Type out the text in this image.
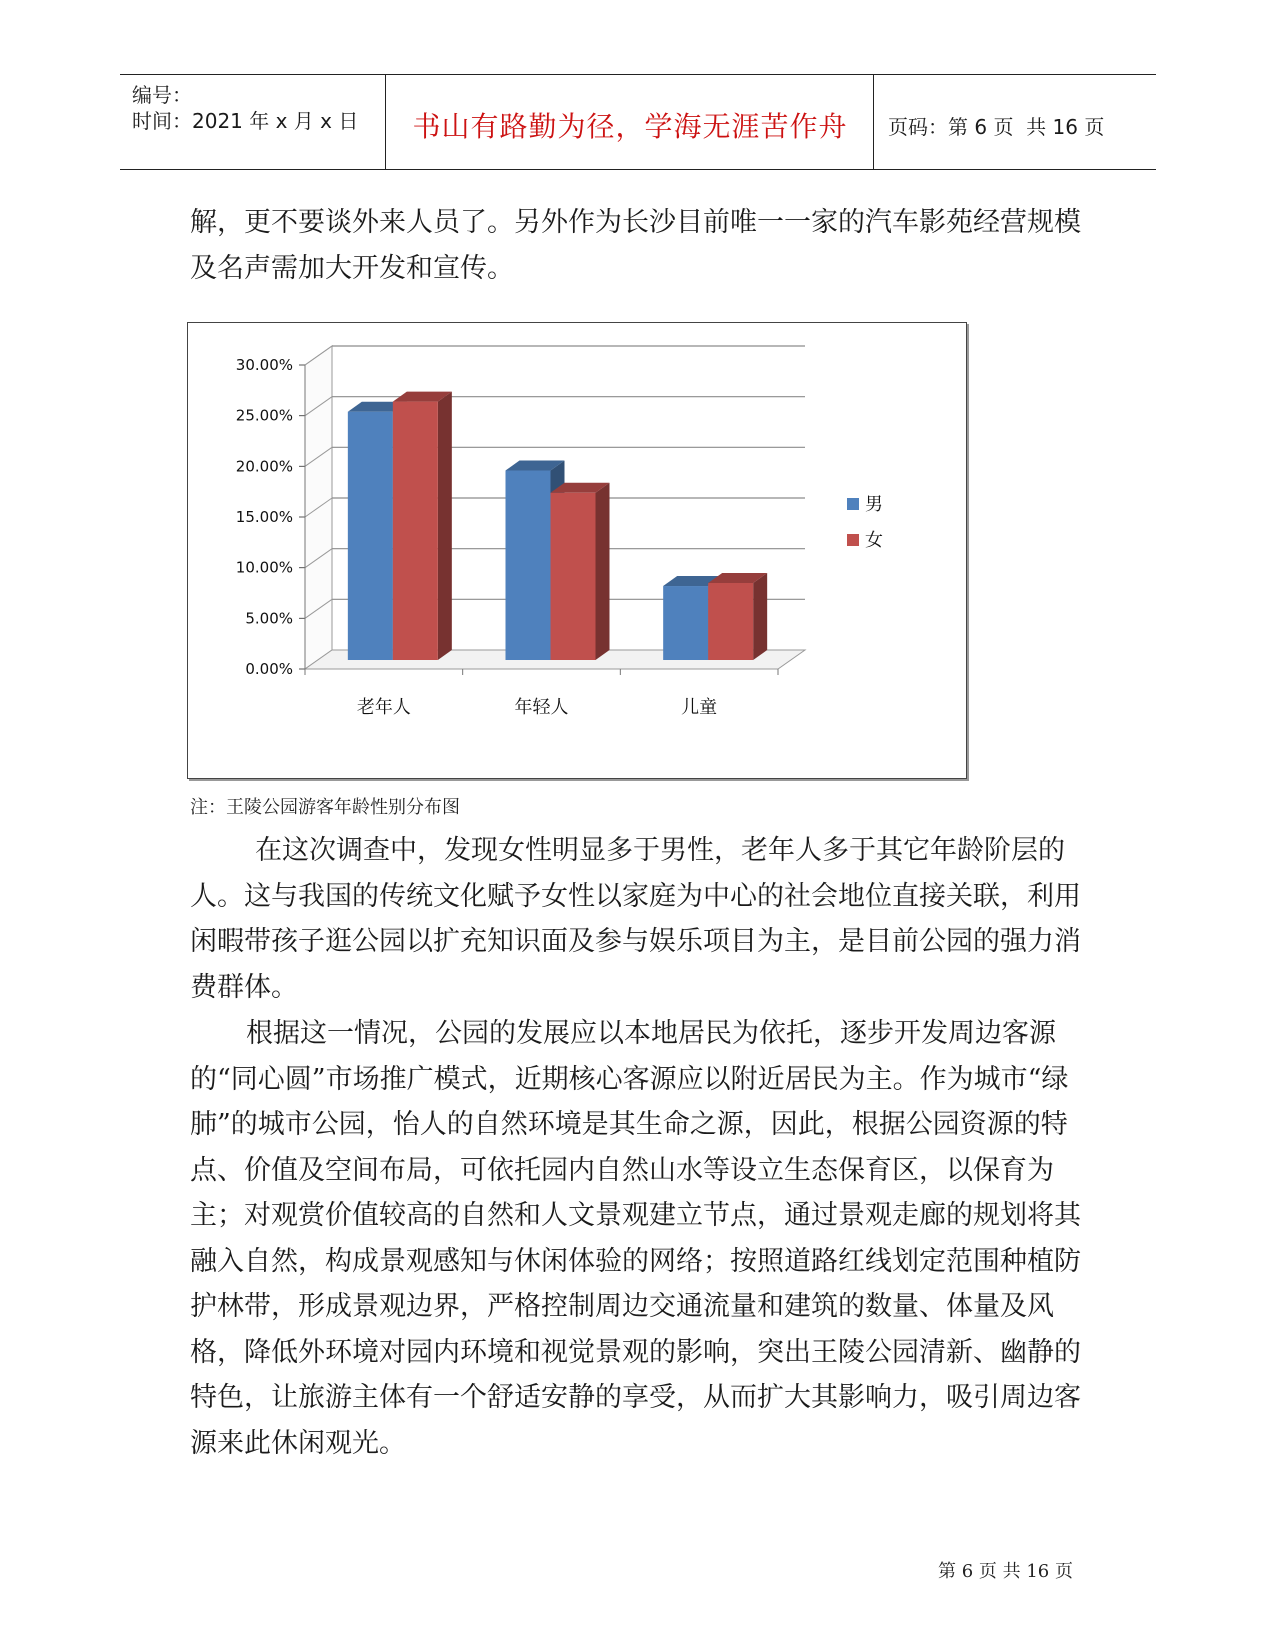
编号：
时间：2021 年 x 月 x 日	书山有路勤为径，学海无涯苦作舟	页码：第 6 页  共 16 页

解，更不要谈外来人员了。另外作为长沙目前唯一一家的汽车影苑经营规模及名声需加大开发和宣传。

0.00%
5.00%
10.00%
15.00%
20.00%
25.00%
30.00%
老年人	年轻人	儿童
男
女
注：王陵公园游客年龄性别分布图

在这次调查中，发现女性明显多于男性，老年人多于其它年龄阶层的人。这与我国的传统文化赋予女性以家庭为中心的社会地位直接关联，利用闲暇带孩子逛公园以扩充知识面及参与娱乐项目为主，是目前公园的强力消费群体。

根据这一情况，公园的发展应以本地居民为依托，逐步开发周边客源的“同心圆”市场推广模式，近期核心客源应以附近居民为主。作为城市“绿肺”的城市公园，怡人的自然环境是其生命之源，因此，根据公园资源的特点、价值及空间布局，可依托园内自然山水等设立生态保育区，以保育为主；对观赏价值较高的自然和人文景观建立节点，通过景观走廊的规划将其融入自然，构成景观感知与休闲体验的网络；按照道路红线划定范围种植防护林带，形成景观边界，严格控制周边交通流量和建筑的数量、体量及风格，降低外环境对园内环境和视觉景观的影响，突出王陵公园清新、幽静的特色，让旅游主体有一个舒适安静的享受，从而扩大其影响力，吸引周边客源来此休闲观光。

第 6 页 共 16 页
